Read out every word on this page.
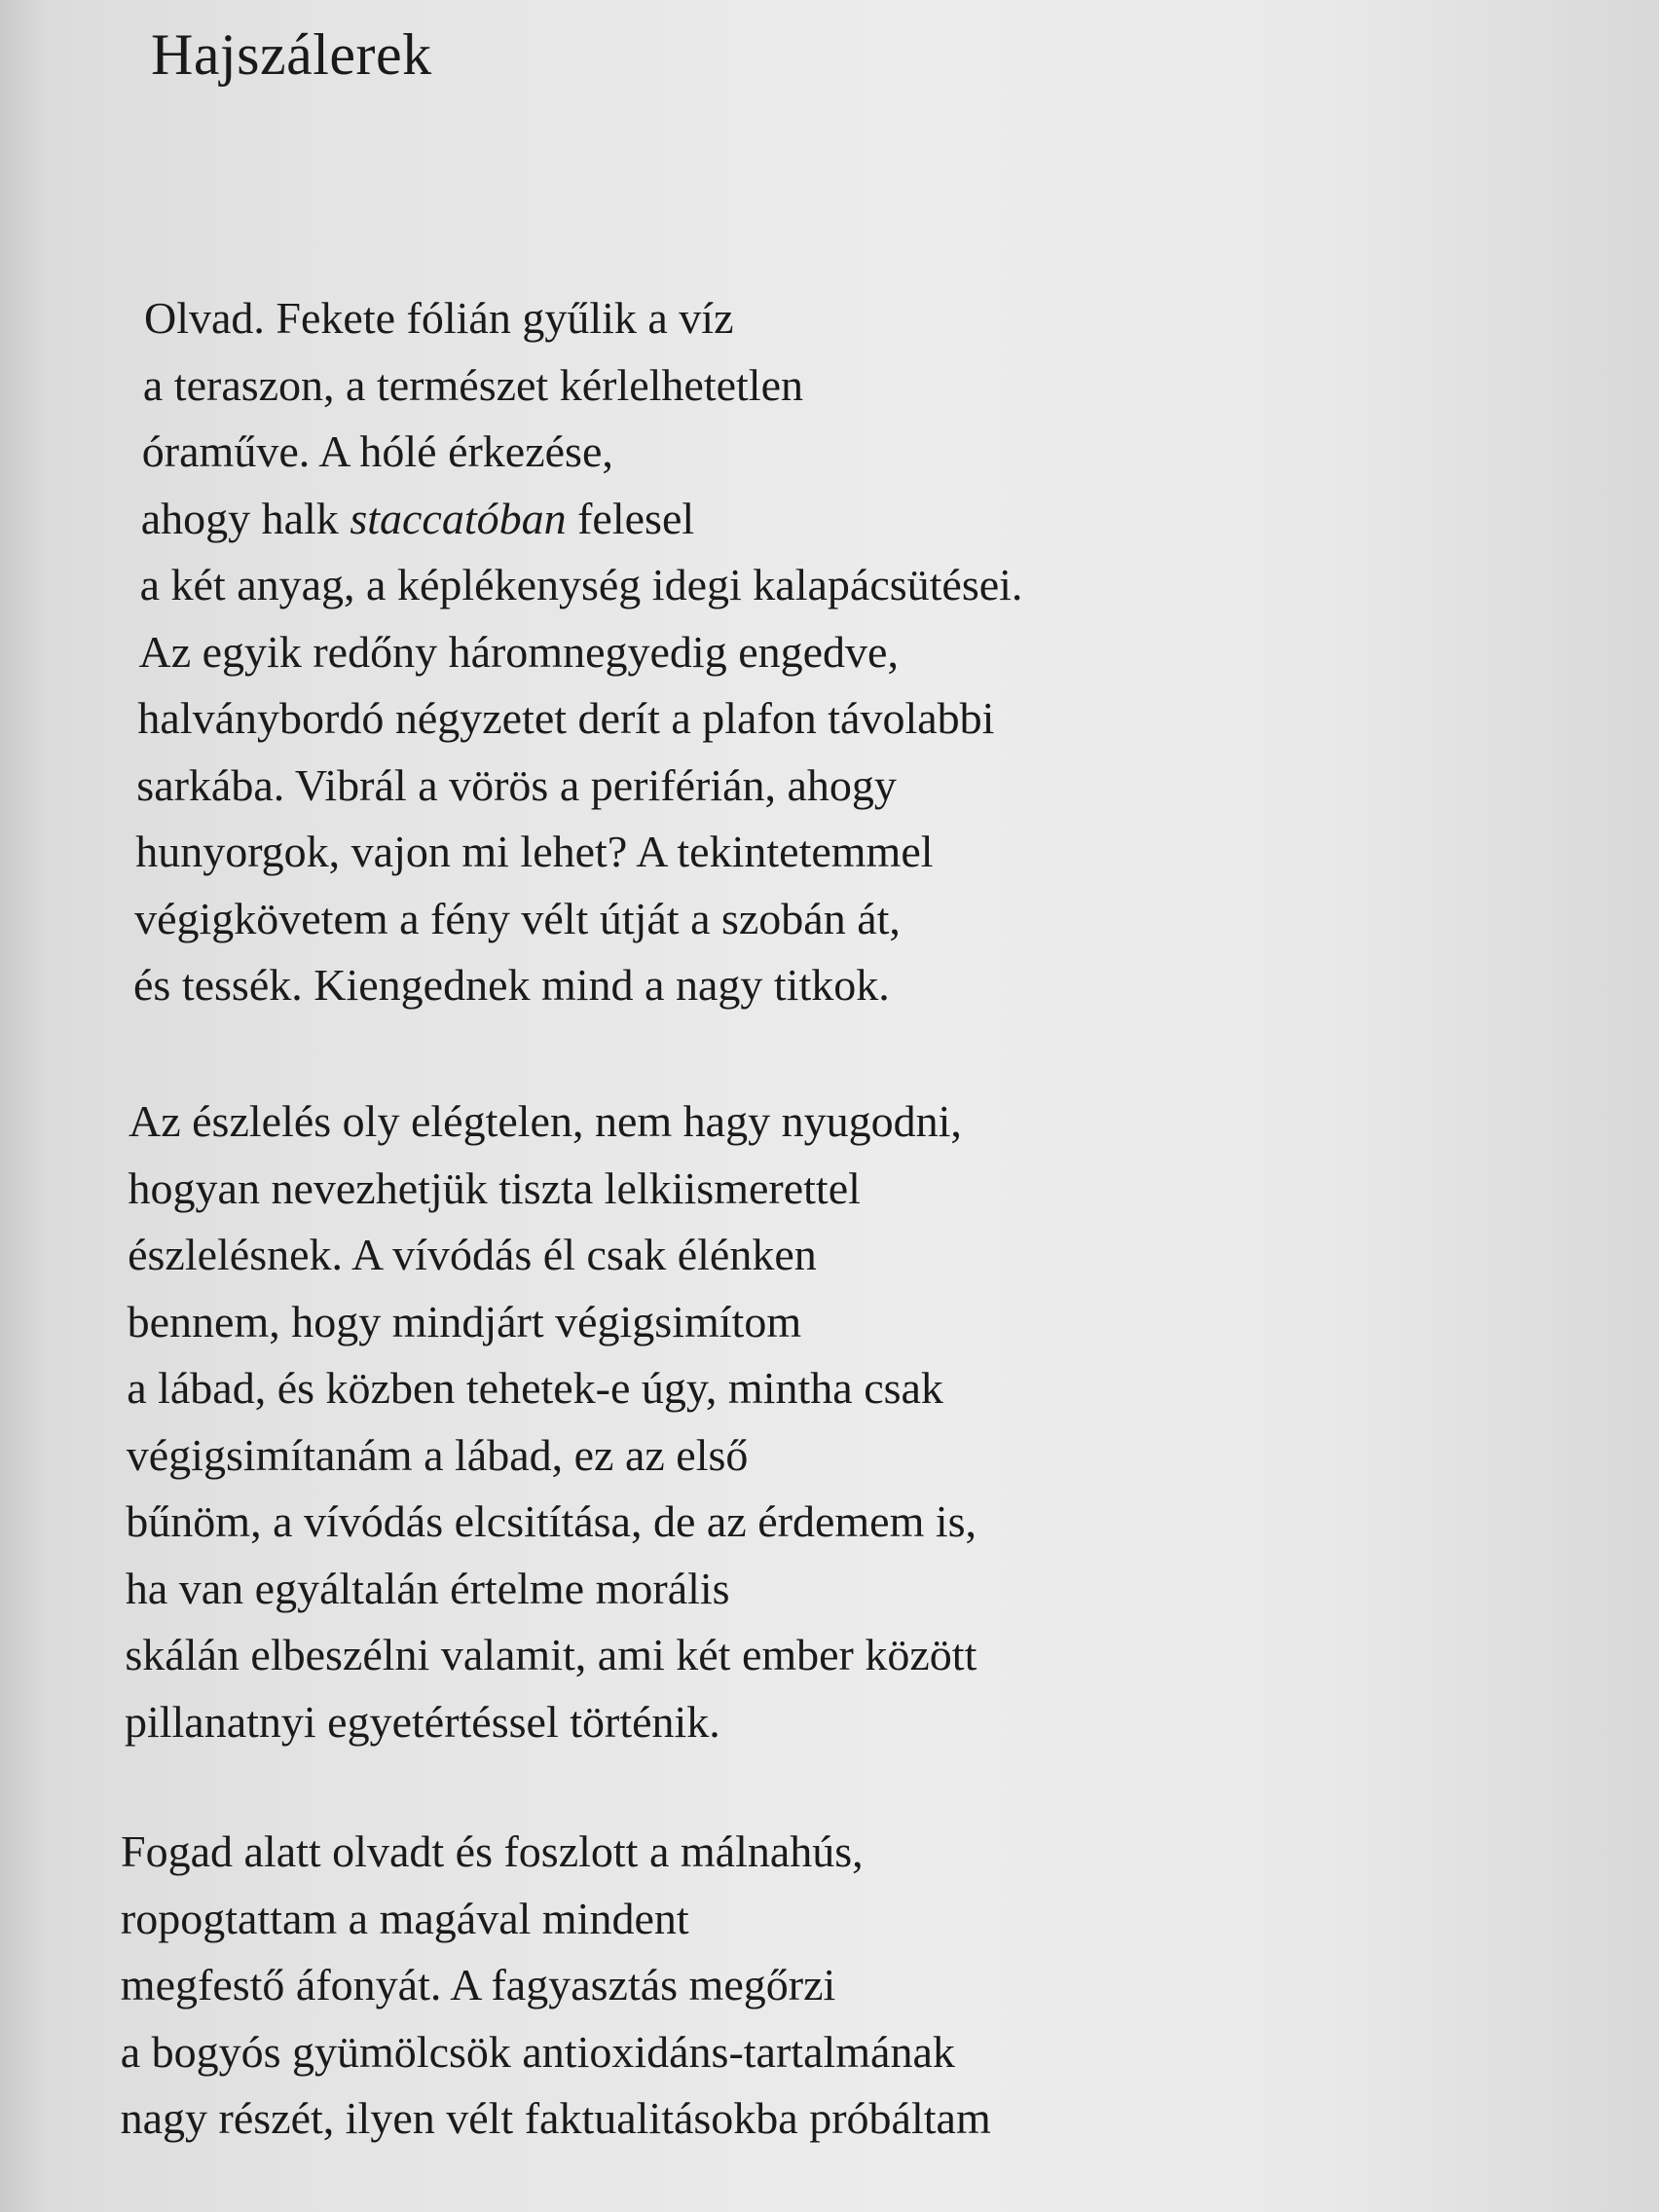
Hajszálerek
Olvad. Fekete fólián gyűlik a víz
a teraszon, a természet kérlelhetetlen
óraműve. A hólé érkezése,
ahogy halk staccatóban felesel
a két anyag, a képlékenység idegi kalapácsütései.
Az egyik redőny háromnegyedig engedve,
halványbordó négyzetet derít a plafon távolabbi
sarkába. Vibrál a vörös a periférián, ahogy
hunyorgok, vajon mi lehet? A tekintetemmel
végigkövetem a fény vélt útját a szobán át,
és tessék. Kiengednek mind a nagy titkok.
Az észlelés oly elégtelen, nem hagy nyugodni,
hogyan nevezhetjük tiszta lelkiismerettel
észlelésnek. A vívódás él csak élénken
bennem, hogy mindjárt végigsimítom
a lábad, és közben tehetek-e úgy, mintha csak
végigsimítanám a lábad, ez az első
bűnöm, a vívódás elcsitítása, de az érdemem is,
ha van egyáltalán értelme morális
skálán elbeszélni valamit, ami két ember között
pillanatnyi egyetértéssel történik.
Fogad alatt olvadt és foszlott a málnahús,
ropogtattam a magával mindent
megfestő áfonyát. A fagyasztás megőrzi
a bogyós gyümölcsök antioxidáns-tartalmának
nagy részét, ilyen vélt faktualitásokba próbáltam
